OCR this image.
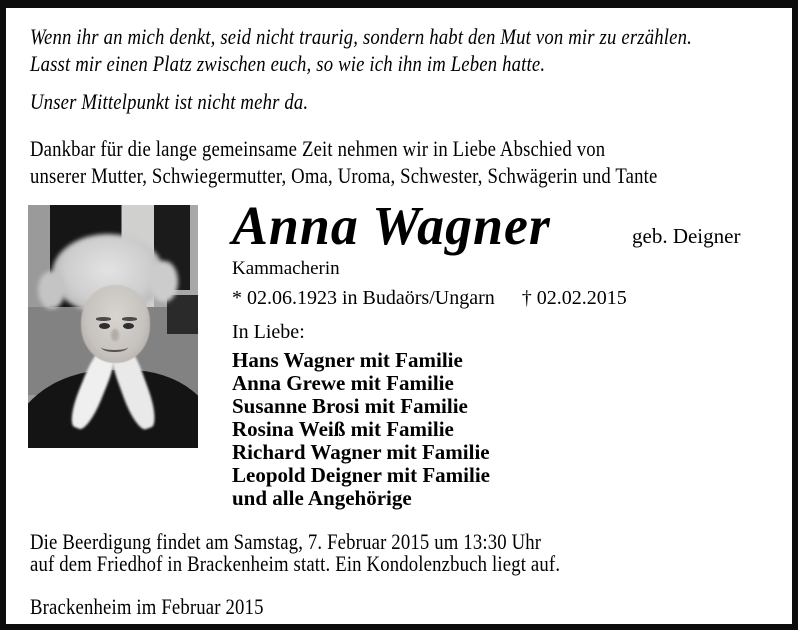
Wenn ihr an mich denkt, seid nicht traurig, sondern habt den Mut von mir zu erzählen.
Lasst mir einen Platz zwischen euch, so wie ich ihn im Leben hatte.
Unser Mittelpunkt ist nicht mehr da.
Dankbar für die lange gemeinsame Zeit nehmen wir in Liebe Abschied von
unserer Mutter, Schwiegermutter, Oma, Uroma, Schwester, Schwägerin und Tante
Anna Wagner	geb. Deigner
Kammacherin
* 02.06.1923 in Budaörs/Ungarn † 02.02.2015
In Liebe:
Hans Wagner mit Familie
Anna Grewe mit Familie
Susanne Brosi mit Familie
Rosina Weiß mit Familie
Richard Wagner mit Familie
Leopold Deigner mit Familie
und alle Angehörige
Die Beerdigung findet am Samstag, 7. Februar 2015 um 13:30 Uhr
auf dem Friedhof in Brackenheim statt. Ein Kondolenzbuch liegt auf.
Brackenheim im Februar 2015
